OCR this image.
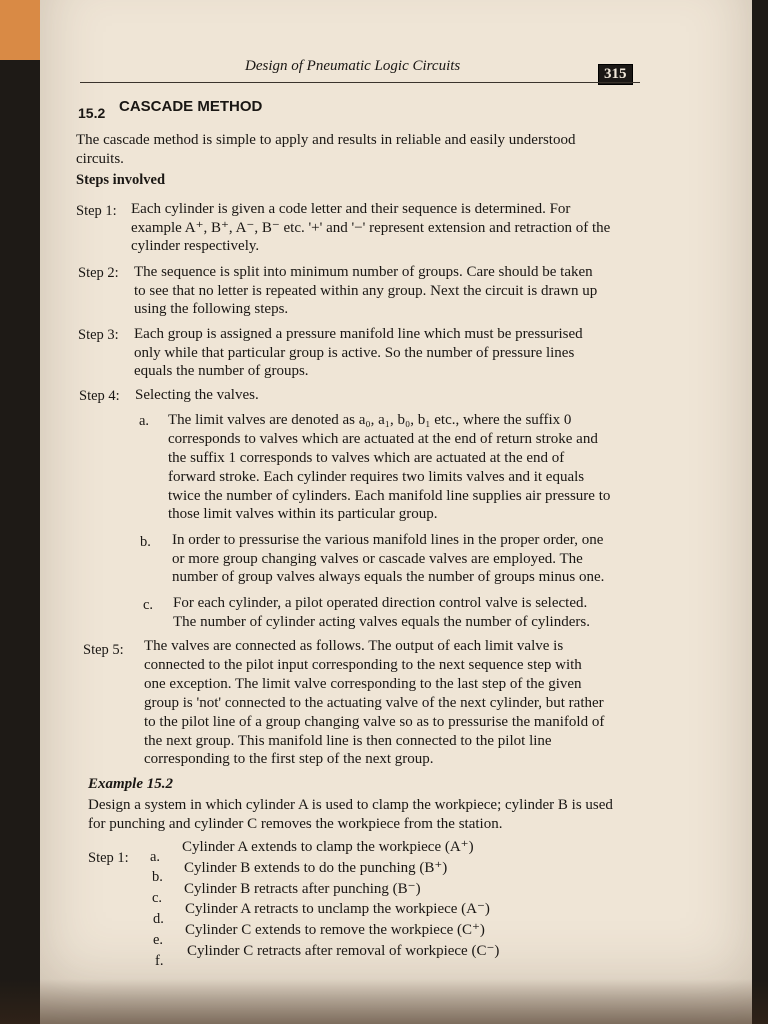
Design of Pneumatic Logic Circuits	315
15.2 CASCADE METHOD
The cascade method is simple to apply and results in reliable and easily understood
circuits.
Steps involved
Step 1: Each cylinder is given a code letter and their sequence is determined. For
example A⁺, B⁺, A⁻, B⁻ etc. '+' and '−' represent extension and retraction of the
cylinder respectively.
Step 2: The sequence is split into minimum number of groups. Care should be taken
to see that no letter is repeated within any group. Next the circuit is drawn up
using the following steps.
Step 3: Each group is assigned a pressure manifold line which must be pressurised
only while that particular group is active. So the number of pressure lines
equals the number of groups.
Step 4: Selecting the valves.
a. The limit valves are denoted as a₀, a₁, b₀, b₁ etc., where the suffix 0
corresponds to valves which are actuated at the end of return stroke and
the suffix 1 corresponds to valves which are actuated at the end of
forward stroke. Each cylinder requires two limits valves and it equals
twice the number of cylinders. Each manifold line supplies air pressure to
those limit valves within its particular group.
b. In order to pressurise the various manifold lines in the proper order, one
or more group changing valves or cascade valves are employed. The
number of group valves always equals the number of groups minus one.
c. For each cylinder, a pilot operated direction control valve is selected.
The number of cylinder acting valves equals the number of cylinders.
Step 5: The valves are connected as follows. The output of each limit valve is
connected to the pilot input corresponding to the next sequence step with
one exception. The limit valve corresponding to the last step of the given
group is 'not' connected to the actuating valve of the next cylinder, but rather
to the pilot line of a group changing valve so as to pressurise the manifold of
the next group. This manifold line is then connected to the pilot line
corresponding to the first step of the next group.
Example 15.2
Design a system in which cylinder A is used to clamp the workpiece; cylinder B is used
for punching and cylinder C removes the workpiece from the station.
Step 1: a.
Cylinder A extends to clamp the workpiece (A⁺)
b.
Cylinder B extends to do the punching (B⁺)
c.
Cylinder B retracts after punching (B⁻)
d.
Cylinder A retracts to unclamp the workpiece (A⁻)
e.
Cylinder C extends to remove the workpiece (C⁺)
f.
Cylinder C retracts after removal of workpiece (C⁻)
